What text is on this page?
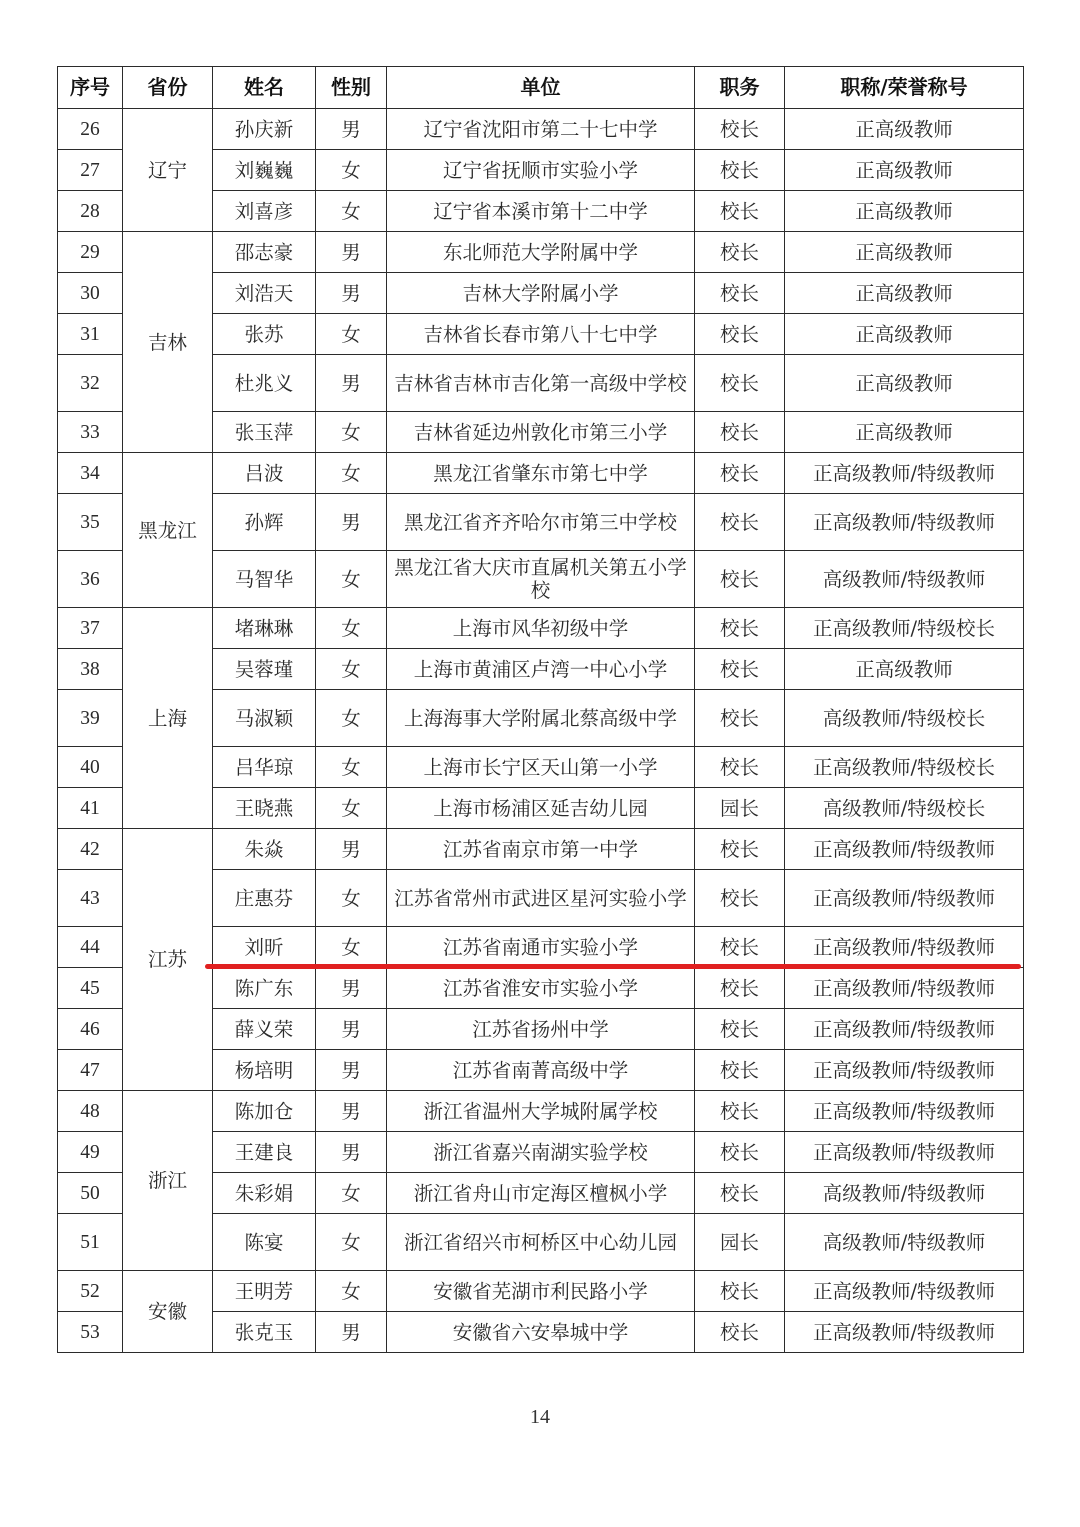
序号	省份	姓名	性别	单位	职务	职称/荣誉称号
26	辽宁	孙庆新	男	辽宁省沈阳市第二十七中学	校长	正高级教师
27		刘巍巍	女	辽宁省抚顺市实验小学	校长	正高级教师
28		刘喜彦	女	辽宁省本溪市第十二中学	校长	正高级教师
29	吉林	邵志豪	男	东北师范大学附属中学	校长	正高级教师
30		刘浩天	男	吉林大学附属小学	校长	正高级教师
31		张苏	女	吉林省长春市第八十七中学	校长	正高级教师
32		杜兆义	男	吉林省吉林市吉化第一高级中学校	校长	正高级教师
33		张玉萍	女	吉林省延边州敦化市第三小学	校长	正高级教师
34	黑龙江	吕波	女	黑龙江省肇东市第七中学	校长	正高级教师/特级教师
35		孙辉	男	黑龙江省齐齐哈尔市第三中学校	校长	正高级教师/特级教师
36		马智华	女	黑龙江省大庆市直属机关第五小学校	校长	高级教师/特级教师
37	上海	堵琳琳	女	上海市风华初级中学	校长	正高级教师/特级校长
38		吴蓉瑾	女	上海市黄浦区卢湾一中心小学	校长	正高级教师
39		马淑颖	女	上海海事大学附属北蔡高级中学	校长	高级教师/特级校长
40		吕华琼	女	上海市长宁区天山第一小学	校长	正高级教师/特级校长
41		王晓燕	女	上海市杨浦区延吉幼儿园	园长	高级教师/特级校长
42	江苏	朱焱	男	江苏省南京市第一中学	校长	正高级教师/特级教师
43		庄惠芬	女	江苏省常州市武进区星河实验小学	校长	正高级教师/特级教师
44		刘昕	女	江苏省南通市实验小学	校长	正高级教师/特级教师
45		陈广东	男	江苏省淮安市实验小学	校长	正高级教师/特级教师
46		薛义荣	男	江苏省扬州中学	校长	正高级教师/特级教师
47		杨培明	男	江苏省南菁高级中学	校长	正高级教师/特级教师
48	浙江	陈加仓	男	浙江省温州大学城附属学校	校长	正高级教师/特级教师
49		王建良	男	浙江省嘉兴南湖实验学校	校长	正高级教师/特级教师
50		朱彩娟	女	浙江省舟山市定海区檀枫小学	校长	高级教师/特级教师
51		陈宴	女	浙江省绍兴市柯桥区中心幼儿园	园长	高级教师/特级教师
52	安徽	王明芳	女	安徽省芜湖市利民路小学	校长	正高级教师/特级教师
53		张克玉	男	安徽省六安皋城中学	校长	正高级教师/特级教师
14
